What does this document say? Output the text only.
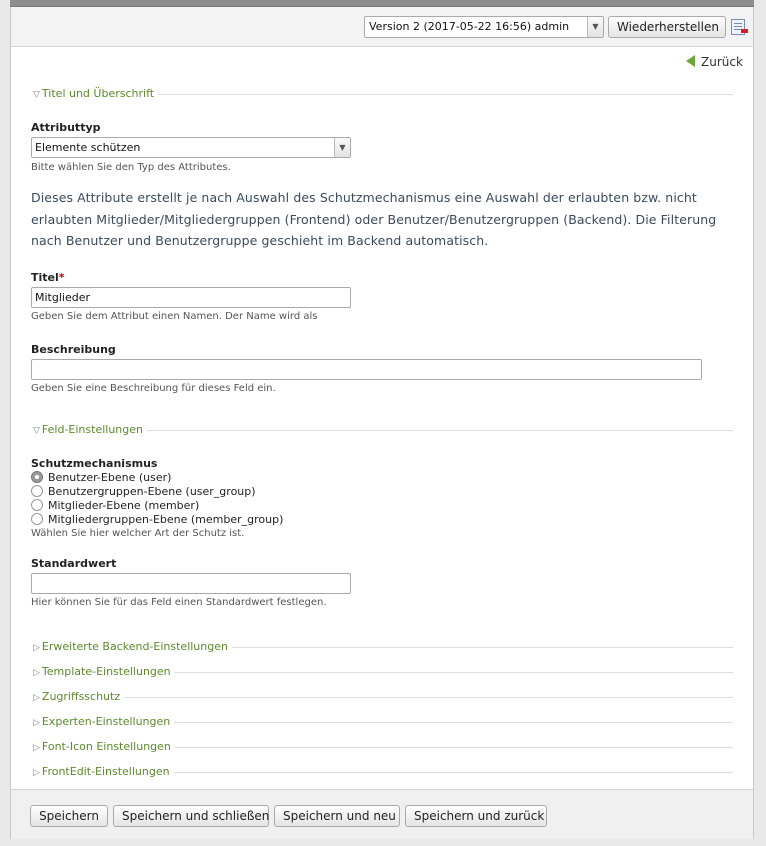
Version 2 (2017-05-22 16:56) admin	▼	Wiederherstellen
Zurück
▽ Titel und Überschrift
Attributtyp
Elemente schützen	▼
Bitte wählen Sie den Typ des Attributes.
Dieses Attribute erstellt je nach Auswahl des Schutzmechanismus eine Auswahl der erlaubten bzw. nicht erlaubten Mitglieder/Mitgliedergruppen (Frontend) oder Benutzer/Benutzergruppen (Backend). Die Filterung nach Benutzer und Benutzergruppe geschieht im Backend automatisch.
Titel*
Mitglieder
Geben Sie dem Attribut einen Namen. Der Name wird als
Beschreibung
Geben Sie eine Beschreibung für dieses Feld ein.
▽ Feld-Einstellungen
Schutzmechanismus
Benutzer-Ebene (user)
Benutzergruppen-Ebene (user_group)
Mitglieder-Ebene (member)
Mitgliedergruppen-Ebene (member_group)
Wählen Sie hier welcher Art der Schutz ist.
Standardwert
Hier können Sie für das Feld einen Standardwert festlegen.
▷ Erweiterte Backend-Einstellungen
▷ Template-Einstellungen
▷ Zugriffsschutz
▷ Experten-Einstellungen
▷ Font-Icon Einstellungen
▷ FrontEdit-Einstellungen
Speichern	Speichern und schließen	Speichern und neu	Speichern und zurück
